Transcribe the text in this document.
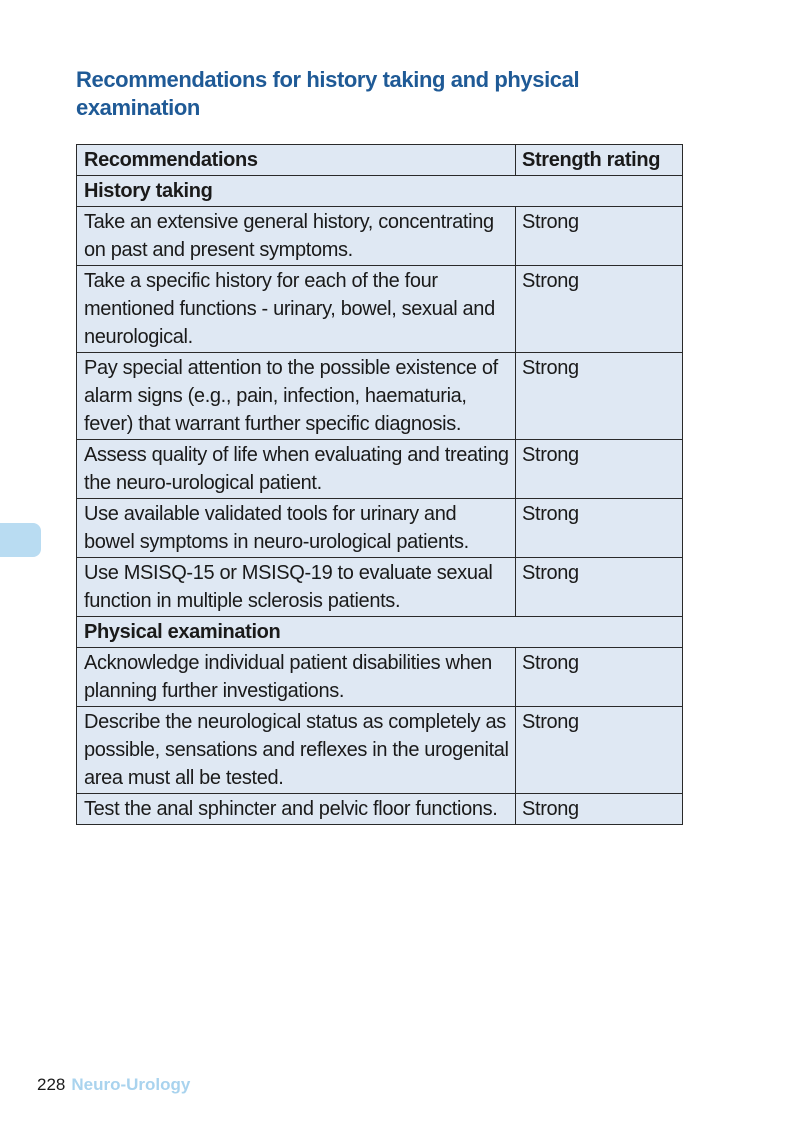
Recommendations for history taking and physical examination
Recommendations	Strength rating
History taking	
Take an extensive general history, concentrating on past and present symptoms.	Strong
Take a specific history for each of the four mentioned functions - urinary, bowel, sexual and neurological.	Strong
Pay special attention to the possible existence of alarm signs (e.g., pain, infection, haematuria, fever) that warrant further specific diagnosis.	Strong
Assess quality of life when evaluating and treating the neuro-urological patient.	Strong
Use available validated tools for urinary and bowel symptoms in neuro-urological patients.	Strong
Use MSISQ-15 or MSISQ-19 to evaluate sexual function in multiple sclerosis patients.	Strong
Physical examination	
Acknowledge individual patient disabilities when planning further investigations.	Strong
Describe the neurological status as completely as possible, sensations and reflexes in the urogenital area must all be tested.	Strong
Test the anal sphincter and pelvic floor functions.	Strong
228 Neuro-Urology
